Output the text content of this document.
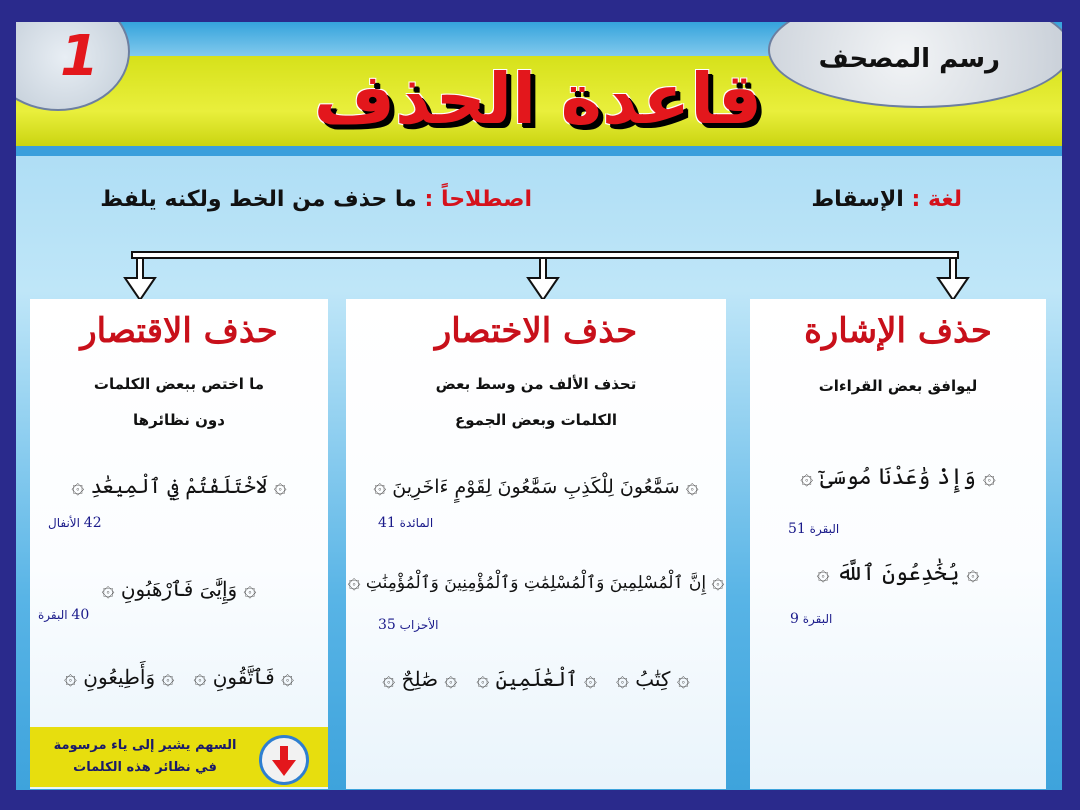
1	رسم المصحف
قاعدة الحذف
لغة : الإسقاط
اصطلاحاً : ما حذف من الخط ولكنه يلفظ
حذف الإشارة
ليوافق بعض القراءات
۞ وَإِذْ وَٰعَدْنَا مُوسَىٰٓ ۞
البقرة 51
۞ يُخَٰدِعُونَ ٱللَّهَ ۞
البقرة 9
حذف الاختصار
تحذف الألف من وسط بعض
الكلمات وبعض الجموع
۞ سَمَّٰعُونَ لِلْكَذِبِ سَمَّٰعُونَ لِقَوْمٍ ءَاخَرِينَ ۞
المائدة 41
۞ إِنَّ ٱلْمُسْلِمِينَ وَٱلْمُسْلِمَٰتِ وَٱلْمُؤْمِنِينَ وَٱلْمُؤْمِنَٰتِ ۞
الأحزاب 35
۞ كِتَٰبُ ۞   ۞ ٱلْعَٰلَمِينَ ۞   ۞ صَٰلِحٌ ۞
حذف الاقتصار
ما اختص ببعض الكلمات
دون نظائرها
۞ لَاخْتَلَفْتُمْ فِي ٱلْمِيعَٰدِ ۞
42 الأنفال
۞ وَإِيَّٰىَ فَٱرْهَبُونِ ۞
40 البقرة
۞ فَٱتَّقُونِ ۞   ۞ وَأَطِيعُونِ ۞
السهم يشير إلى ياء مرسومة
في نظائر هذه الكلمات
